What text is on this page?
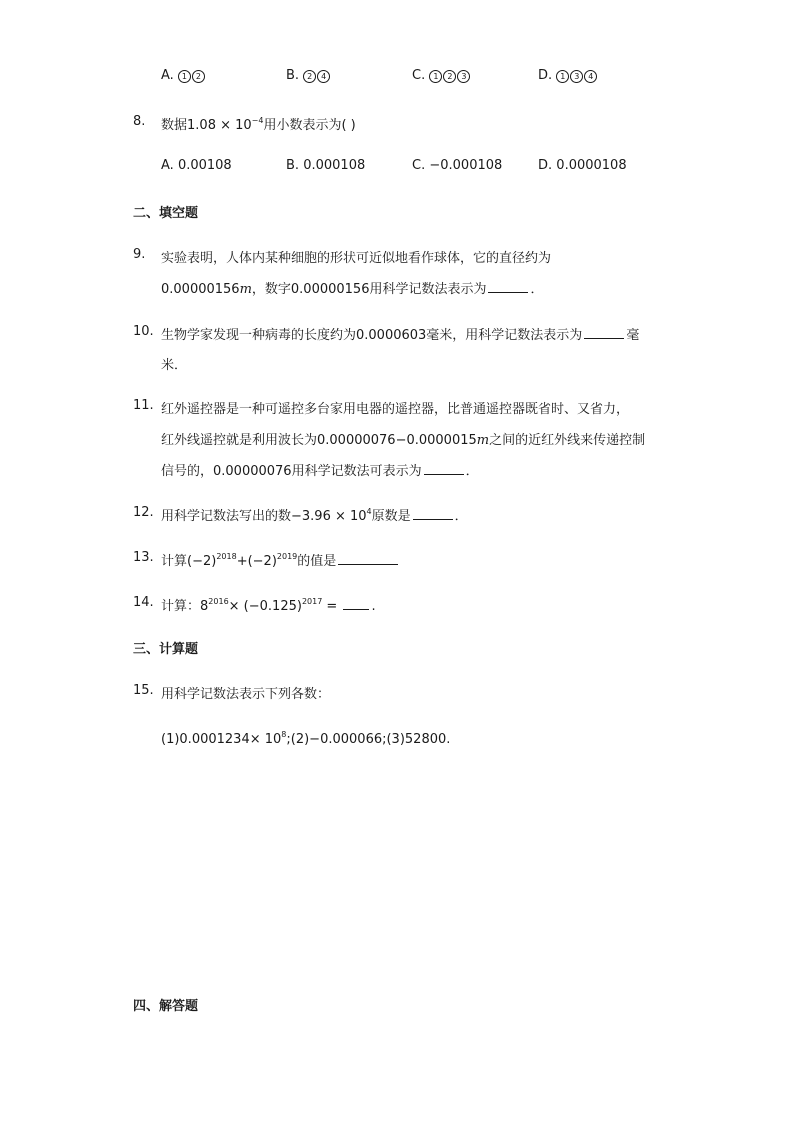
A. 1 2	B. 2 4	C. 1 2 3	D. 1 3 4
8. 数据$1.08 \times 10^{-4}$用小数表示为( )
A. 0.00108	B. 0.000108	C. −0.000108	D. 0.0000108
二、填空题
9. 实验表明，人体内某种细胞的形状可近似地看作球体，它的直径约为
0.00000156m，数字0.00000156用科学记数法表示为	．
10. 生物学家发现一种病毒的长度约为0.0000603毫米，用科学记数法表示为	毫
米．
11. 红外遥控器是一种可遥控多台家用电器的遥控器，比普通遥控器既省时、又省力，
红外线遥控就是利用波长为0.00000076−0.0000015m之间的近红外线来传递控制
信号的，0.00000076用科学记数法可表示为	．
12. 用科学记数法写出的数$-3.96 \times 10^4$原数是	．
13. 计算$(-2)^{2018}+(-2)^{2019}$的值是
14. 计算：$8^{2016}\times (-0.125)^{2017}$ = .
三、计算题
15. 用科学记数法表示下列各数：
$(1)0.0001234\times 10^8;(2)-0.000066;(3)52800$.
四、解答题
